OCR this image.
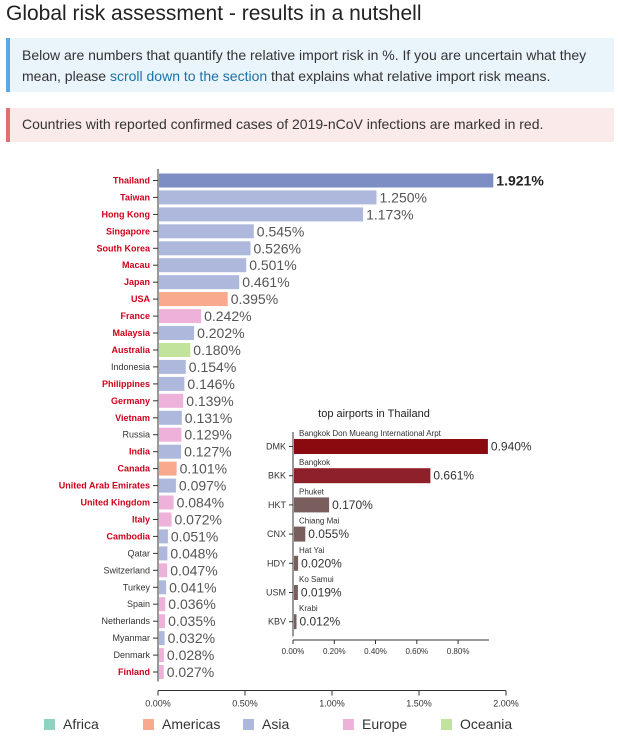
Global risk assessment - results in a nutshell
Below are numbers that quantify the relative import risk in %. If you are uncertain what they mean, please scroll down to the section that explains what relative import risk means.
Countries with reported confirmed cases of 2019-nCoV infections are marked in red.
Thailand	1.921%
Taiwan	1.250%
Hong Kong	1.173%
Singapore	0.545%
South Korea	0.526%
Macau	0.501%
Japan	0.461%
USA	0.395%
France	0.242%
Malaysia	0.202%
Australia	0.180%
Indonesia	0.154%
Philippines	0.146%
Germany	0.139%
Vietnam 0.131%
Russia 0.129%
India 0.127%
Canada 0.101%
United Arab Emirates 0.097%
United Kingdom 0.084%
Italy 0.072%
Cambodia 0.051%
Qatar 0.048%
Switzerland 0.047%
Turkey 0.041%
Spain 0.036%
Netherlands 0.035%
Myanmar 0.032%
Denmark 0.028%
Finland 0.027%
0.00%	0.50%	1.00%	1.50%	2.00%
top airports in Thailand
Bangkok Don Mueang International Arpt
DMK	0.940%
Bangkok
BKK	0.661%
Phuket
HKT	0.170%
Chiang Mai
CNX 0.055%
Hat Yai
HDY 0.020%
Ko Samui
USM 0.019%
Krabi
KBV 0.012%
0.00% 0.20% 0.40% 0.60% 0.80%
Africa	Americas	Asia	Europe	Oceania
